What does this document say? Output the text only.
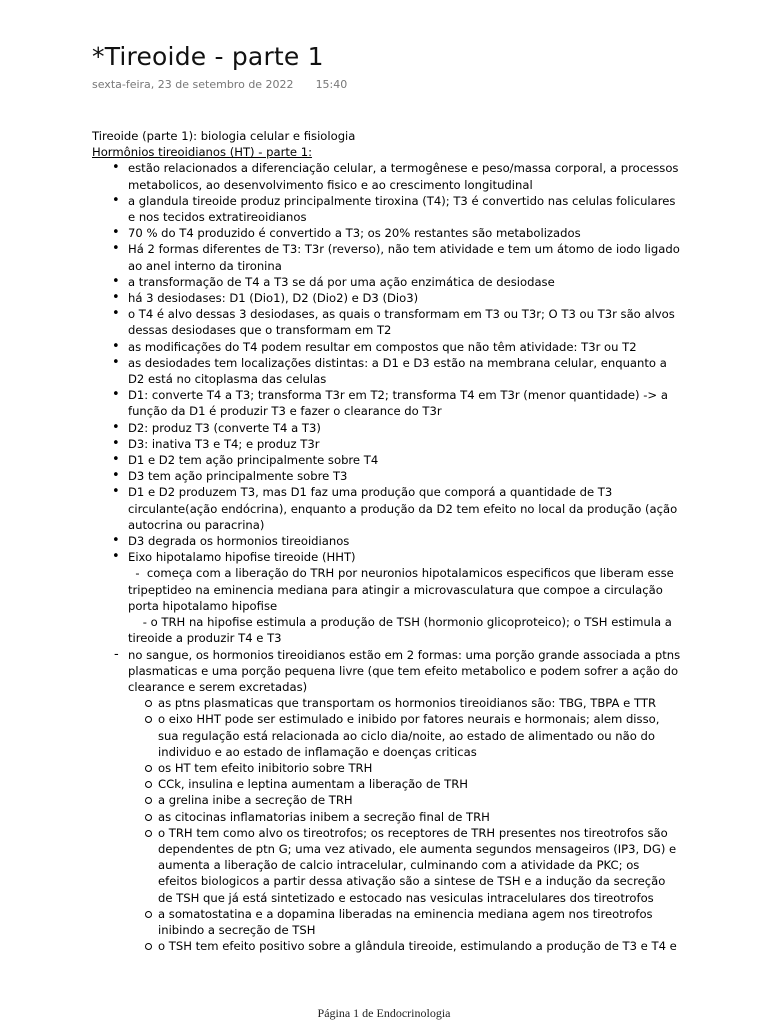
*Tireoide - parte 1
sexta-feira, 23 de setembro de 2022 15:40

Tireoide (parte 1): biologia celular e fisiologia

Hormônios tireoidianos (HT) - parte 1:

• estão relacionados a diferenciação celular, a termogênese e peso/massa corporal, a processos metabolicos, ao desenvolvimento fisico e ao crescimento longitudinal
• a glandula tireoide produz principalmente tiroxina (T4); T3 é convertido nas celulas foliculares e nos tecidos extratireoidianos
• 70 % do T4 produzido é convertido a T3; os 20% restantes são metabolizados
• Há 2 formas diferentes de T3: T3r (reverso), não tem atividade e tem um átomo de iodo ligado ao anel interno da tironina
• a transformação de T4 a T3 se dá por uma ação enzimática de desiodase
• há 3 desiodases: D1 (Dio1), D2 (Dio2) e D3 (Dio3)
• o T4 é alvo dessas 3 desiodases, as quais o transformam em T3 ou T3r; O T3 ou T3r são alvos dessas desiodases que o transformam em T2
• as modificações do T4 podem resultar em compostos que não têm atividade: T3r ou T2
• as desiodades tem localizações distintas: a D1 e D3 estão na membrana celular, enquanto a D2 está no citoplasma das celulas
• D1: converte T4 a T3; transforma T3r em T2; transforma T4 em T3r (menor quantidade) -> a função da D1 é produzir T3 e fazer o clearance do T3r
• D2: produz T3 (converte T4 a T3)
• D3: inativa T3 e T4; e produz T3r
• D1 e D2 tem ação principalmente sobre T4
• D3 tem ação principalmente sobre T3
• D1 e D2 produzem T3, mas D1 faz uma produção que comporá a quantidade de T3 circulante(ação endócrina), enquanto a produção da D2 tem efeito no local da produção (ação autocrina ou paracrina)
• D3 degrada os hormonios tireoidianos
• Eixo hipotalamo hipofise tireoide (HHT)
-  começa com a liberação do TRH por neuronios hipotalamicos especificos que liberam esse tripeptideo na eminencia mediana para atingir a microvasculatura que compoe a circulação porta hipotalamo hipofise
- o TRH na hipofise estimula a produção de TSH (hormonio glicoproteico); o TSH estimula a tireoide a produzir T4 e T3
- no sangue, os hormonios tireoidianos estão em 2 formas: uma porção grande associada a ptns plasmaticas e uma porção pequena livre (que tem efeito metabolico e podem sofrer a ação do clearance e serem excretadas)
as ptns plasmaticas que transportam os hormonios tireoidianos são: TBG, TBPA e TTR
o eixo HHT pode ser estimulado e inibido por fatores neurais e hormonais; alem disso, sua regulação está relacionada ao ciclo dia/noite, ao estado de alimentado ou não do individuo e ao estado de inflamação e doenças criticas
os HT tem efeito inibitorio sobre TRH
CCk, insulina e leptina aumentam a liberação de TRH
a grelina inibe a secreção de TRH
as citocinas inflamatorias inibem a secreção final de TRH
o TRH tem como alvo os tireotrofos; os receptores de TRH presentes nos tireotrofos são dependentes de ptn G; uma vez ativado, ele aumenta segundos mensageiros (IP3, DG) e aumenta a liberação de calcio intracelular, culminando com a atividade da PKC; os efeitos biologicos a partir dessa ativação são a sintese de TSH e a indução da secreção de TSH que já está sintetizado e estocado nas vesiculas intracelulares dos tireotrofos
a somatostatina e a dopamina liberadas na eminencia mediana agem nos tireotrofos inibindo a secreção de TSH
o TSH tem efeito positivo sobre a glândula tireoide, estimulando a produção de T3 e T4 e
Página 1 de Endocrinologia
